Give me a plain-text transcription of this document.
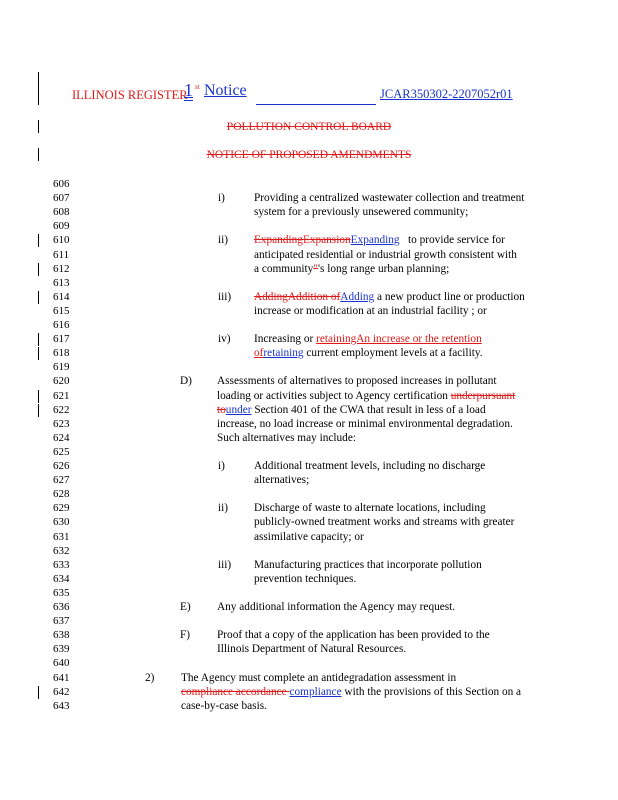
ILLINOIS REGISTER
1 st Notice	JCAR350302-2207052r01
POLLUTION CONTROL BOARD
NOTICE OF PROPOSED AMENDMENTS
606
607	i)	Providing a centralized wastewater collection and treatment
608	system for a previously unsewered community;
609
610	ii) ExpandingExpansionExpanding to provide service for
611	anticipated residential or industrial growth consistent with
612	a community"'s long range urban planning;
613
614	iii) AddingAddition ofAdding a new product line or production
615	increase or modification at an industrial facility ; or
616
617	iv) Increasing or retainingAn increase or the retention
618	ofretaining current employment levels at a facility.
619
620	D) Assessments of alternatives to proposed increases in pollutant
621	loading or activities subject to Agency certification underpursuant
622	tounder Section 401 of the CWA that result in less of a load
623	increase, no load increase or minimal environmental degradation.
624	Such alternatives may include:
625
626	i)	Additional treatment levels, including no discharge
627	alternatives;
628
629	ii) Discharge of waste to alternate locations, including
630	publicly-owned treatment works and streams with greater
631	assimilative capacity; or
632
633	iii) Manufacturing practices that incorporate pollution
634	prevention techniques.
635
636	E) Any additional information the Agency may request.
637
638	F) Proof that a copy of the application has been provided to the
639	Illinois Department of Natural Resources.
640
641	2) The Agency must complete an antidegradation assessment in
642	compliance accordance compliance with the provisions of this Section on a
643	case-by-case basis.
